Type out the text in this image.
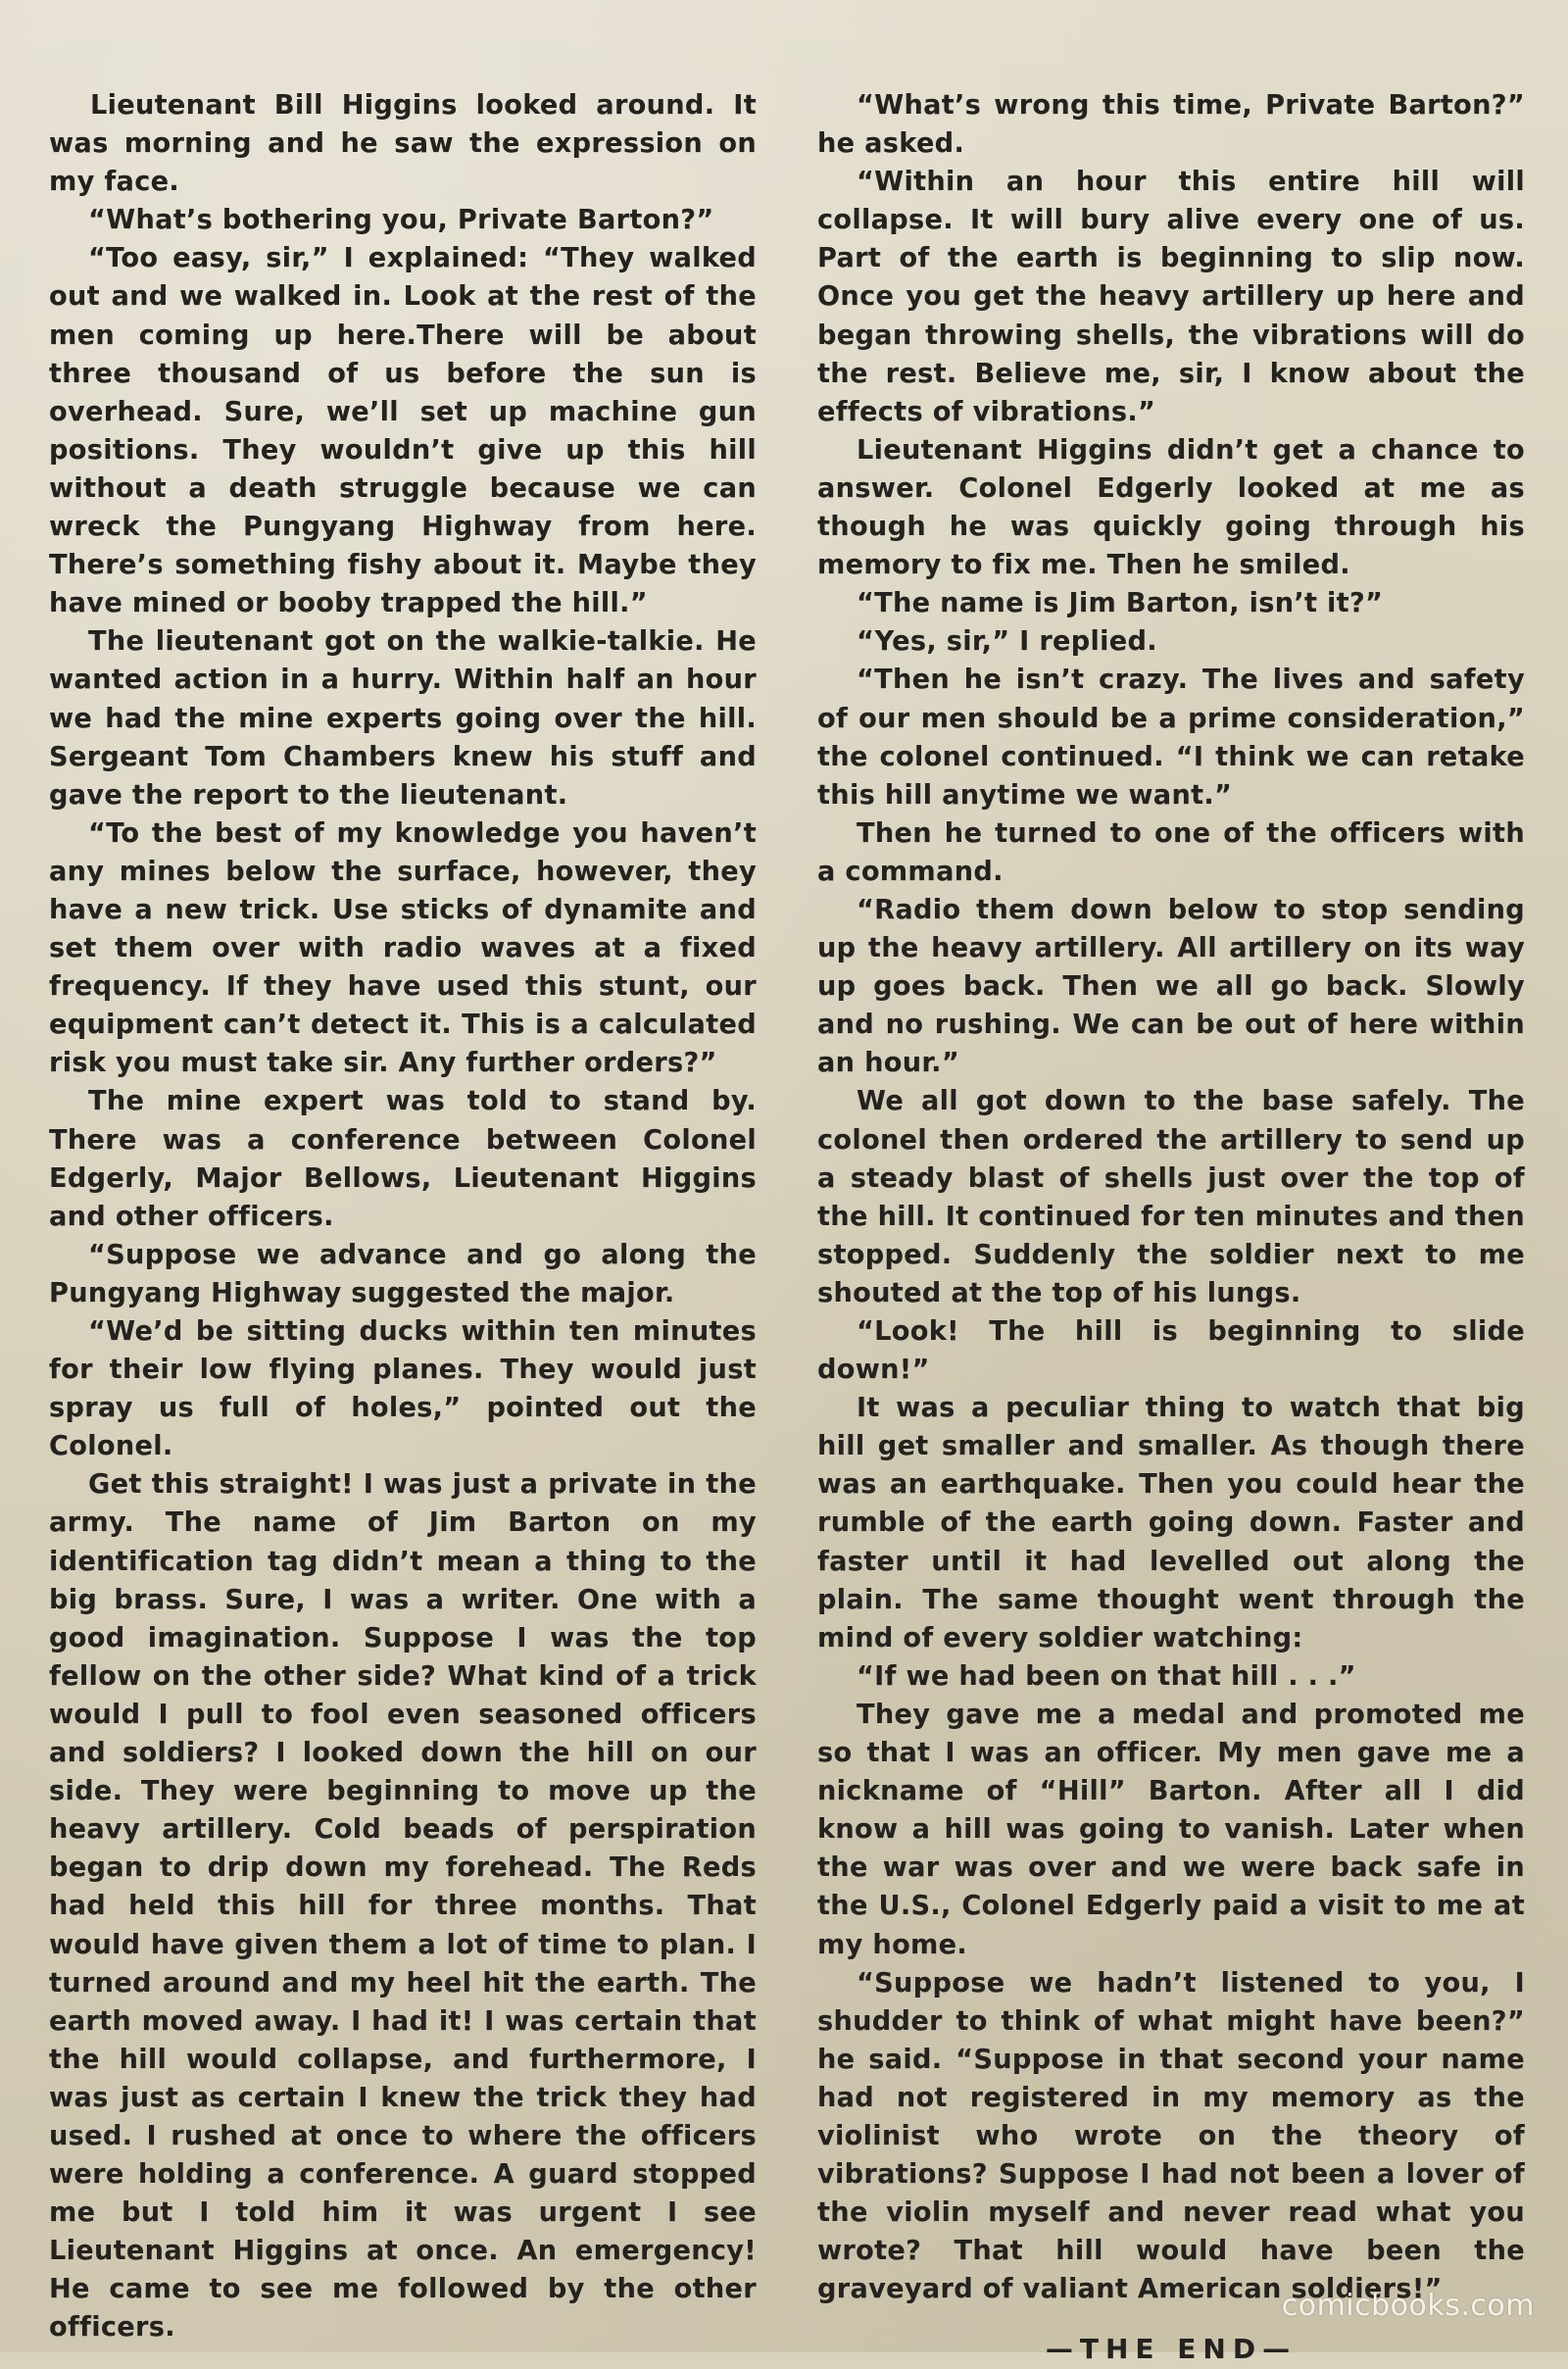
Lieutenant Bill Higgins looked around. It was morning and he saw the expression on my face.

“What’s bothering you, Private Barton?”

“Too easy, sir,” I explained: “They walked out and we walked in. Look at the rest of the men coming up here.There will be about three thousand of us before the sun is overhead. Sure, we’ll set up machine gun positions. They wouldn’t give up this hill without a death struggle because we can wreck the Pungyang Highway from here. There’s something fishy about it. Maybe they have mined or booby trapped the hill.”

The lieutenant got on the walkie-talkie. He wanted action in a hurry. Within half an hour we had the mine experts going over the hill. Sergeant Tom Chambers knew his stuff and gave the report to the lieutenant.

“To the best of my knowledge you haven’t any mines below the surface, however, they have a new trick. Use sticks of dynamite and set them over with radio waves at a fixed frequency. If they have used this stunt, our equipment can’t detect it. This is a calculated risk you must take sir. Any further orders?”

The mine expert was told to stand by. There was a conference between Colonel Edgerly, Major Bellows, Lieutenant Higgins and other officers.

“Suppose we advance and go along the Pungyang Highway suggested the major.

“We’d be sitting ducks within ten minutes for their low flying planes. They would just spray us full of holes,” pointed out the Colonel.

Get this straight! I was just a private in the army. The name of Jim Barton on my identification tag didn’t mean a thing to the big brass. Sure, I was a writer. One with a good imagination. Suppose I was the top fellow on the other side? What kind of a trick would I pull to fool even seasoned officers and soldiers? I looked down the hill on our side. They were beginning to move up the heavy artillery. Cold beads of perspiration began to drip down my forehead. The Reds had held this hill for three months. That would have given them a lot of time to plan. I turned around and my heel hit the earth. The earth moved away. I had it! I was certain that the hill would collapse, and furthermore, I was just as certain I knew the trick they had used. I rushed at once to where the officers were holding a conference. A guard stopped me but I told him it was urgent I see Lieutenant Higgins at once. An emergency! He came to see me followed by the other officers.

“What’s wrong this time, Private Barton?” he asked.

“Within an hour this entire hill will collapse. It will bury alive every one of us. Part of the earth is beginning to slip now. Once you get the heavy artillery up here and began throwing shells, the vibrations will do the rest. Believe me, sir, I know about the effects of vibrations.”

Lieutenant Higgins didn’t get a chance to answer. Colonel Edgerly looked at me as though he was quickly going through his memory to fix me. Then he smiled.

“The name is Jim Barton, isn’t it?”

“Yes, sir,” I replied.

“Then he isn’t crazy. The lives and safety of our men should be a prime consideration,” the colonel continued. “I think we can retake this hill anytime we want.”

Then he turned to one of the officers with a command.

“Radio them down below to stop sending up the heavy artillery. All artillery on its way up goes back. Then we all go back. Slowly and no rushing. We can be out of here within an hour.”

We all got down to the base safely. The colonel then ordered the artillery to send up a steady blast of shells just over the top of the hill. It continued for ten minutes and then stopped. Suddenly the soldier next to me shouted at the top of his lungs.

“Look! The hill is beginning to slide down!”

It was a peculiar thing to watch that big hill get smaller and smaller. As though there was an earthquake. Then you could hear the rumble of the earth going down. Faster and faster until it had levelled out along the plain. The same thought went through the mind of every soldier watching:

“If we had been on that hill . . .”

They gave me a medal and promoted me so that I was an officer. My men gave me a nickname of “Hill” Barton. After all I did know a hill was going to vanish. Later when the war was over and we were back safe in the U.S., Colonel Edgerly paid a visit to me at my home.

“Suppose we hadn’t listened to you, I shudder to think of what might have been?” he said. “Suppose in that second your name had not registered in my memory as the violinist who wrote on the theory of vibrations? Suppose I had not been a lover of the violin myself and never read what you wrote? That hill would have been the graveyard of valiant American soldiers!”

—THE END—

comicbooks.com
